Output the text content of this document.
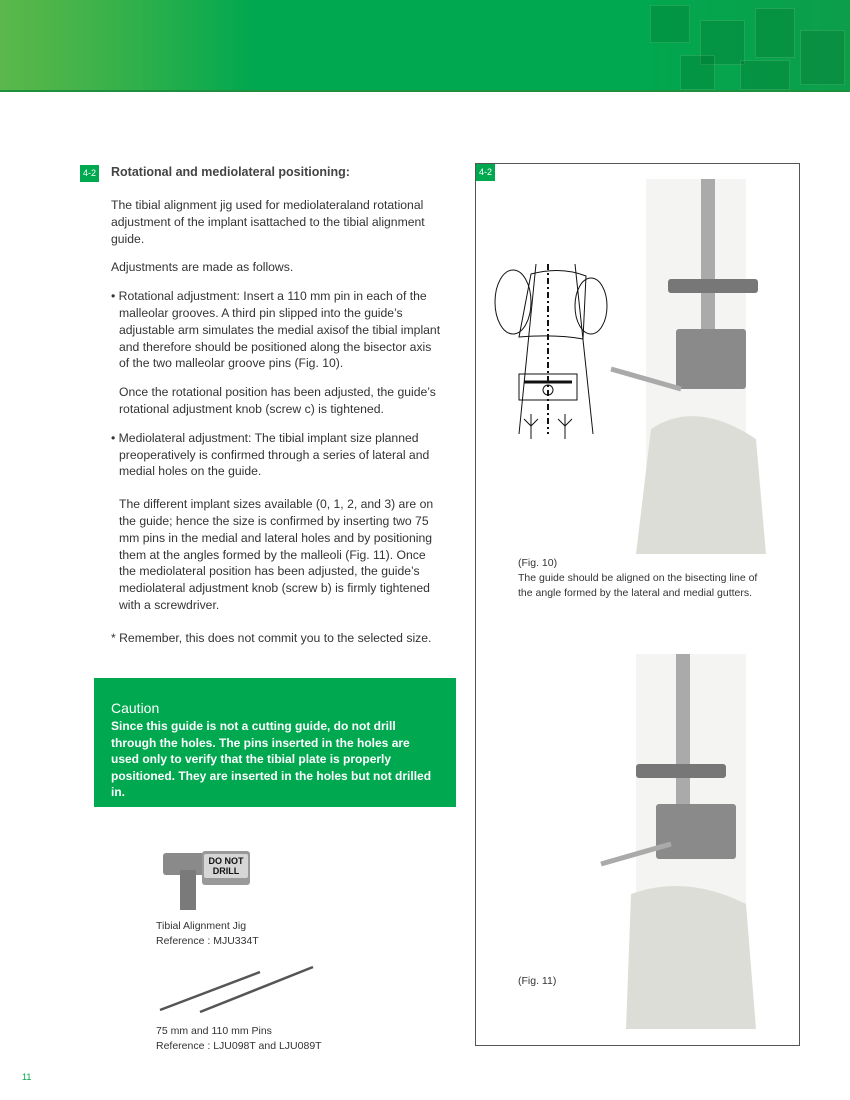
4-2 Rotational and mediolateral positioning:

The tibial alignment jig used for mediolateraland rotational adjustment of the implant isattached to the tibial alignment guide.

Adjustments are made as follows.

• Rotational adjustment: Insert a 110 mm pin in each of the malleolar grooves. A third pin slipped into the guide’s adjustable arm simulates the medial axisof the tibial implant and therefore should be positioned along the bisector axis of the two malleolar groove pins (Fig. 10).

Once the rotational position has been adjusted, the guide’s rotational adjustment knob (screw c) is tightened.

• Mediolateral adjustment: The tibial implant size planned preoperatively is confirmed through a series of lateral and medial holes on the guide.

The different implant sizes available (0, 1, 2, and 3) are on the guide; hence the size is confirmed by inserting two 75 mm pins in the medial and lateral holes and by positioning them at the angles formed by the malleoli (Fig. 11). Once the mediolateral position has been adjusted, the guide’s mediolateral adjustment knob (screw b) is firmly tightened with a screwdriver.

* Remember, this does not commit you to the selected size.

Caution

Since this guide is not a cutting guide, do not drill through the holes. The pins inserted in the holes are used only to verify that the tibial plate is properly positioned. They are inserted in the holes but not drilled in.

DO NOT DRILL
Tibial Alignment Jig
Reference : MJU334T
75 mm and 110 mm Pins
Reference : LJU098T and LJU089T
4-2
(Fig. 10)
The guide should be aligned on the bisecting line of the angle formed by the lateral and medial gutters.
(Fig. 11)
11
